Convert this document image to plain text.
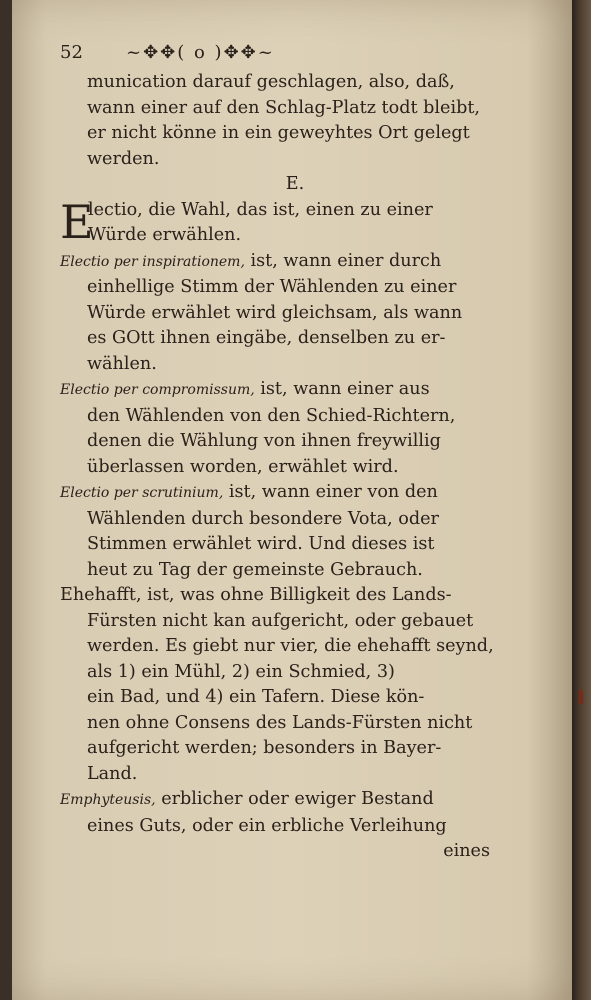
52	~✥✥( o )✥✥~
munication darauf geschlagen, also, daß,
wann einer auf den Schlag-Platz todt bleibt,
er nicht könne in ein geweyhtes Ort gelegt
werden.
E.
E
lectio, die Wahl, das ist, einen zu einer
Würde erwählen.
Electio per inspirationem, ist, wann einer durch
einhellige Stimm der Wählenden zu einer
Würde erwählet wird gleichsam, als wann
es GOtt ihnen eingäbe, denselben zu er-
wählen.
Electio per compromissum, ist, wann einer aus
den Wählenden von den Schied-Richtern,
denen die Wählung von ihnen freywillig
überlassen worden, erwählet wird.
Electio per scrutinium, ist, wann einer von den
Wählenden durch besondere Vota, oder
Stimmen erwählet wird. Und dieses ist
heut zu Tag der gemeinste Gebrauch.
Ehehafft, ist, was ohne Billigkeit des Lands-
Fürsten nicht kan aufgericht, oder gebauet
werden. Es giebt nur vier, die ehehafft seynd,
als 1) ein Mühl, 2) ein Schmied, 3)
ein Bad, und 4) ein Tafern. Diese kön-
nen ohne Consens des Lands-Fürsten nicht
aufgericht werden; besonders in Bayer-
Land.
Emphyteusis, erblicher oder ewiger Bestand
eines Guts, oder ein erbliche Verleihung
eines
